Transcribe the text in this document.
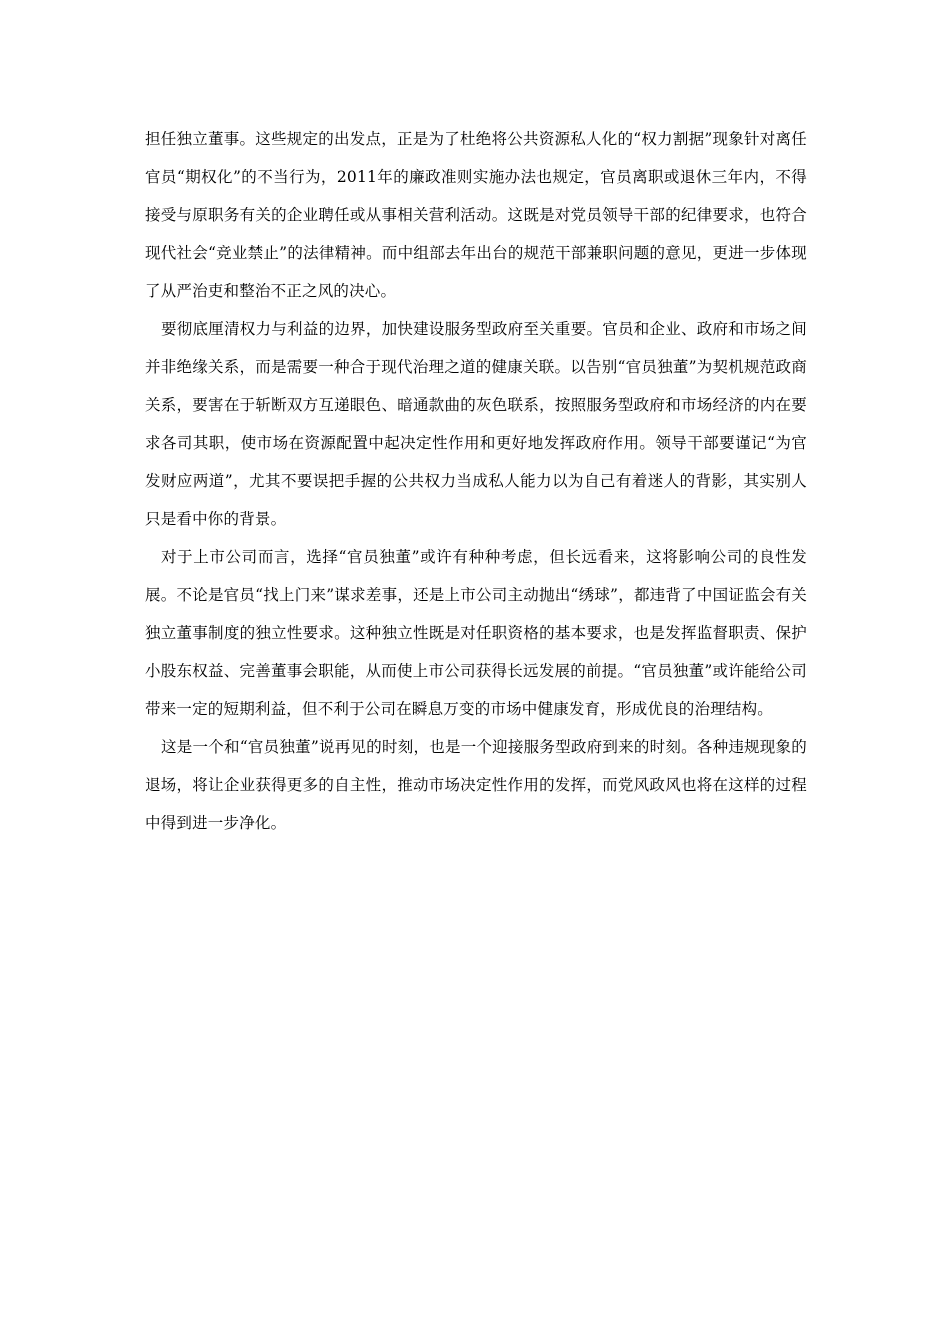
担任独立董事。这些规定的出发点，正是为了杜绝将公共资源私人化的“权力割据”现象针对离任官员“期权化”的不当行为，2011年的廉政准则实施办法也规定，官员离职或退休三年内，不得接受与原职务有关的企业聘任或从事相关营利活动。这既是对党员领导干部的纪律要求，也符合现代社会“竞业禁止”的法律精神。而中组部去年出台的规范干部兼职问题的意见，更进一步体现了从严治吏和整治不正之风的决心。

要彻底厘清权力与利益的边界，加快建设服务型政府至关重要。官员和企业、政府和市场之间并非绝缘关系，而是需要一种合于现代治理之道的健康关联。以告别“官员独董”为契机规范政商关系，要害在于斩断双方互递眼色、暗通款曲的灰色联系，按照服务型政府和市场经济的内在要求各司其职，使市场在资源配置中起决定性作用和更好地发挥政府作用。领导干部要谨记“为官发财应两道”，尤其不要误把手握的公共权力当成私人能力以为自己有着迷人的背影，其实别人只是看中你的背景。

对于上市公司而言，选择“官员独董”或许有种种考虑，但长远看来，这将影响公司的良性发展。不论是官员“找上门来”谋求差事，还是上市公司主动抛出“绣球”，都违背了中国证监会有关独立董事制度的独立性要求。这种独立性既是对任职资格的基本要求，也是发挥监督职责、保护小股东权益、完善董事会职能，从而使上市公司获得长远发展的前提。“官员独董”或许能给公司带来一定的短期利益，但不利于公司在瞬息万变的市场中健康发育，形成优良的治理结构。

这是一个和“官员独董”说再见的时刻，也是一个迎接服务型政府到来的时刻。各种违规现象的退场，将让企业获得更多的自主性，推动市场决定性作用的发挥，而党风政风也将在这样的过程中得到进一步净化。
